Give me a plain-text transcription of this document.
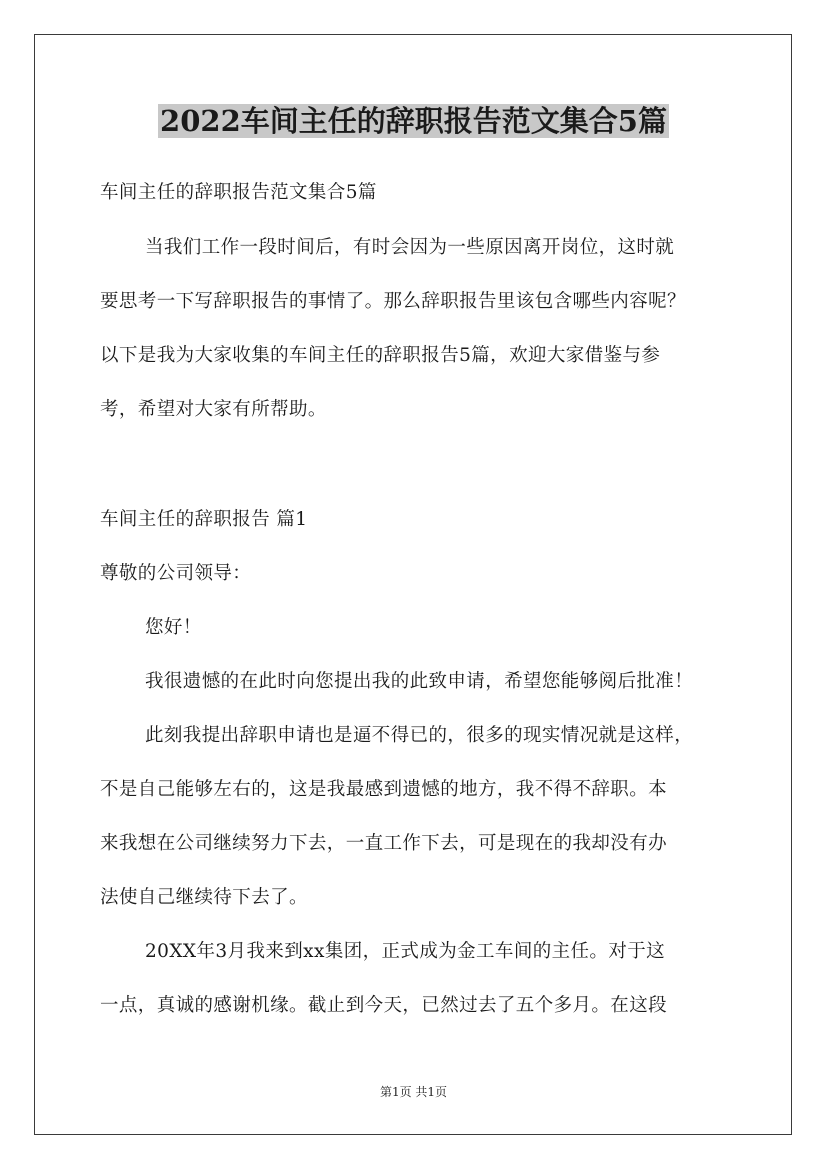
2022车间主任的辞职报告范文集合5篇
车间主任的辞职报告范文集合5篇
当我们工作一段时间后，有时会因为一些原因离开岗位，这时就
要思考一下写辞职报告的事情了。那么辞职报告里该包含哪些内容呢？
以下是我为大家收集的车间主任的辞职报告5篇，欢迎大家借鉴与参
考，希望对大家有所帮助。
车间主任的辞职报告 篇1
尊敬的公司领导：
您好！
我很遗憾的在此时向您提出我的此致申请，希望您能够阅后批准！
此刻我提出辞职申请也是逼不得已的，很多的现实情况就是这样，
不是自己能够左右的，这是我最感到遗憾的地方，我不得不辞职。本
来我想在公司继续努力下去，一直工作下去，可是现在的我却没有办
法使自己继续待下去了。
20XX年3月我来到xx集团，正式成为金工车间的主任。对于这
一点，真诚的感谢机缘。截止到今天，已然过去了五个多月。在这段
第1页 共1页
